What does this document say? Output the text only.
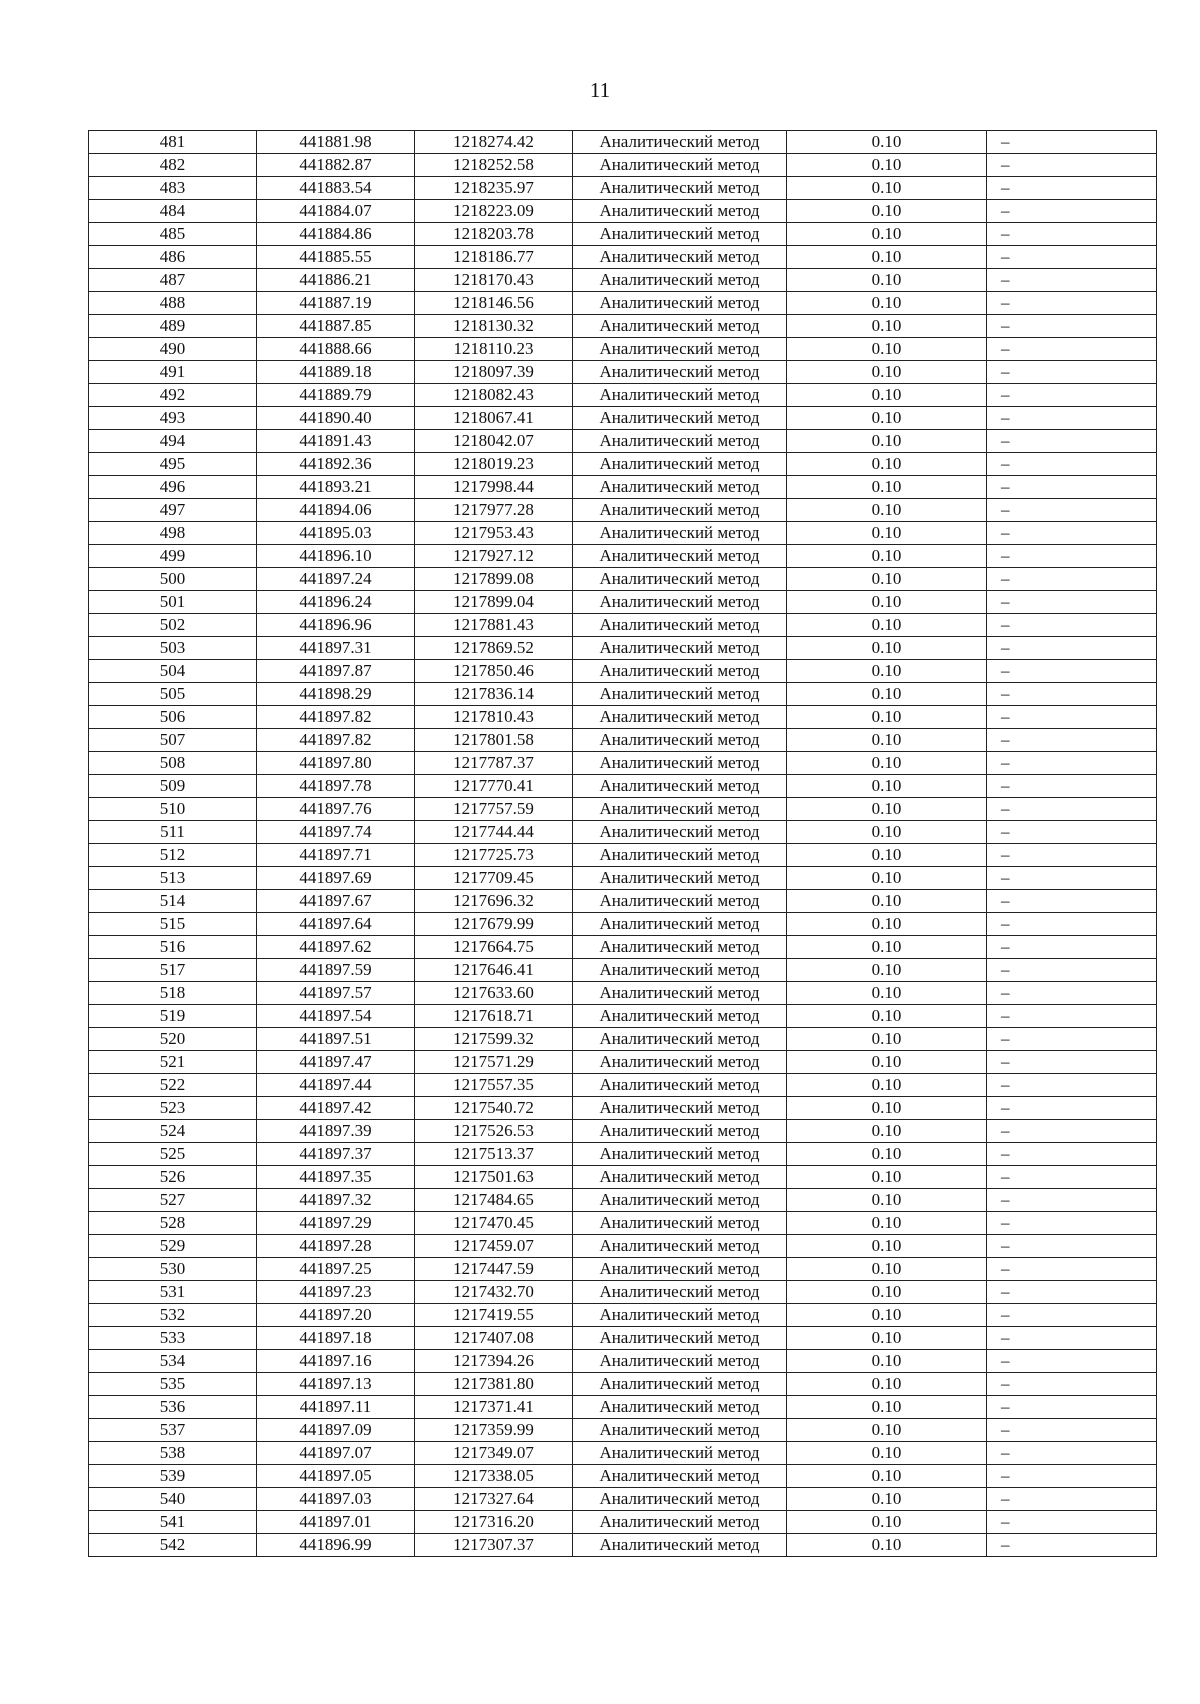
11
481	441881.98	1218274.42	Аналитический метод	0.10	–
482	441882.87	1218252.58	Аналитический метод	0.10	–
483	441883.54	1218235.97	Аналитический метод	0.10	–
484	441884.07	1218223.09	Аналитический метод	0.10	–
485	441884.86	1218203.78	Аналитический метод	0.10	–
486	441885.55	1218186.77	Аналитический метод	0.10	–
487	441886.21	1218170.43	Аналитический метод	0.10	–
488	441887.19	1218146.56	Аналитический метод	0.10	–
489	441887.85	1218130.32	Аналитический метод	0.10	–
490	441888.66	1218110.23	Аналитический метод	0.10	–
491	441889.18	1218097.39	Аналитический метод	0.10	–
492	441889.79	1218082.43	Аналитический метод	0.10	–
493	441890.40	1218067.41	Аналитический метод	0.10	–
494	441891.43	1218042.07	Аналитический метод	0.10	–
495	441892.36	1218019.23	Аналитический метод	0.10	–
496	441893.21	1217998.44	Аналитический метод	0.10	–
497	441894.06	1217977.28	Аналитический метод	0.10	–
498	441895.03	1217953.43	Аналитический метод	0.10	–
499	441896.10	1217927.12	Аналитический метод	0.10	–
500	441897.24	1217899.08	Аналитический метод	0.10	–
501	441896.24	1217899.04	Аналитический метод	0.10	–
502	441896.96	1217881.43	Аналитический метод	0.10	–
503	441897.31	1217869.52	Аналитический метод	0.10	–
504	441897.87	1217850.46	Аналитический метод	0.10	–
505	441898.29	1217836.14	Аналитический метод	0.10	–
506	441897.82	1217810.43	Аналитический метод	0.10	–
507	441897.82	1217801.58	Аналитический метод	0.10	–
508	441897.80	1217787.37	Аналитический метод	0.10	–
509	441897.78	1217770.41	Аналитический метод	0.10	–
510	441897.76	1217757.59	Аналитический метод	0.10	–
511	441897.74	1217744.44	Аналитический метод	0.10	–
512	441897.71	1217725.73	Аналитический метод	0.10	–
513	441897.69	1217709.45	Аналитический метод	0.10	–
514	441897.67	1217696.32	Аналитический метод	0.10	–
515	441897.64	1217679.99	Аналитический метод	0.10	–
516	441897.62	1217664.75	Аналитический метод	0.10	–
517	441897.59	1217646.41	Аналитический метод	0.10	–
518	441897.57	1217633.60	Аналитический метод	0.10	–
519	441897.54	1217618.71	Аналитический метод	0.10	–
520	441897.51	1217599.32	Аналитический метод	0.10	–
521	441897.47	1217571.29	Аналитический метод	0.10	–
522	441897.44	1217557.35	Аналитический метод	0.10	–
523	441897.42	1217540.72	Аналитический метод	0.10	–
524	441897.39	1217526.53	Аналитический метод	0.10	–
525	441897.37	1217513.37	Аналитический метод	0.10	–
526	441897.35	1217501.63	Аналитический метод	0.10	–
527	441897.32	1217484.65	Аналитический метод	0.10	–
528	441897.29	1217470.45	Аналитический метод	0.10	–
529	441897.28	1217459.07	Аналитический метод	0.10	–
530	441897.25	1217447.59	Аналитический метод	0.10	–
531	441897.23	1217432.70	Аналитический метод	0.10	–
532	441897.20	1217419.55	Аналитический метод	0.10	–
533	441897.18	1217407.08	Аналитический метод	0.10	–
534	441897.16	1217394.26	Аналитический метод	0.10	–
535	441897.13	1217381.80	Аналитический метод	0.10	–
536	441897.11	1217371.41	Аналитический метод	0.10	–
537	441897.09	1217359.99	Аналитический метод	0.10	–
538	441897.07	1217349.07	Аналитический метод	0.10	–
539	441897.05	1217338.05	Аналитический метод	0.10	–
540	441897.03	1217327.64	Аналитический метод	0.10	–
541	441897.01	1217316.20	Аналитический метод	0.10	–
542	441896.99	1217307.37	Аналитический метод	0.10	–
